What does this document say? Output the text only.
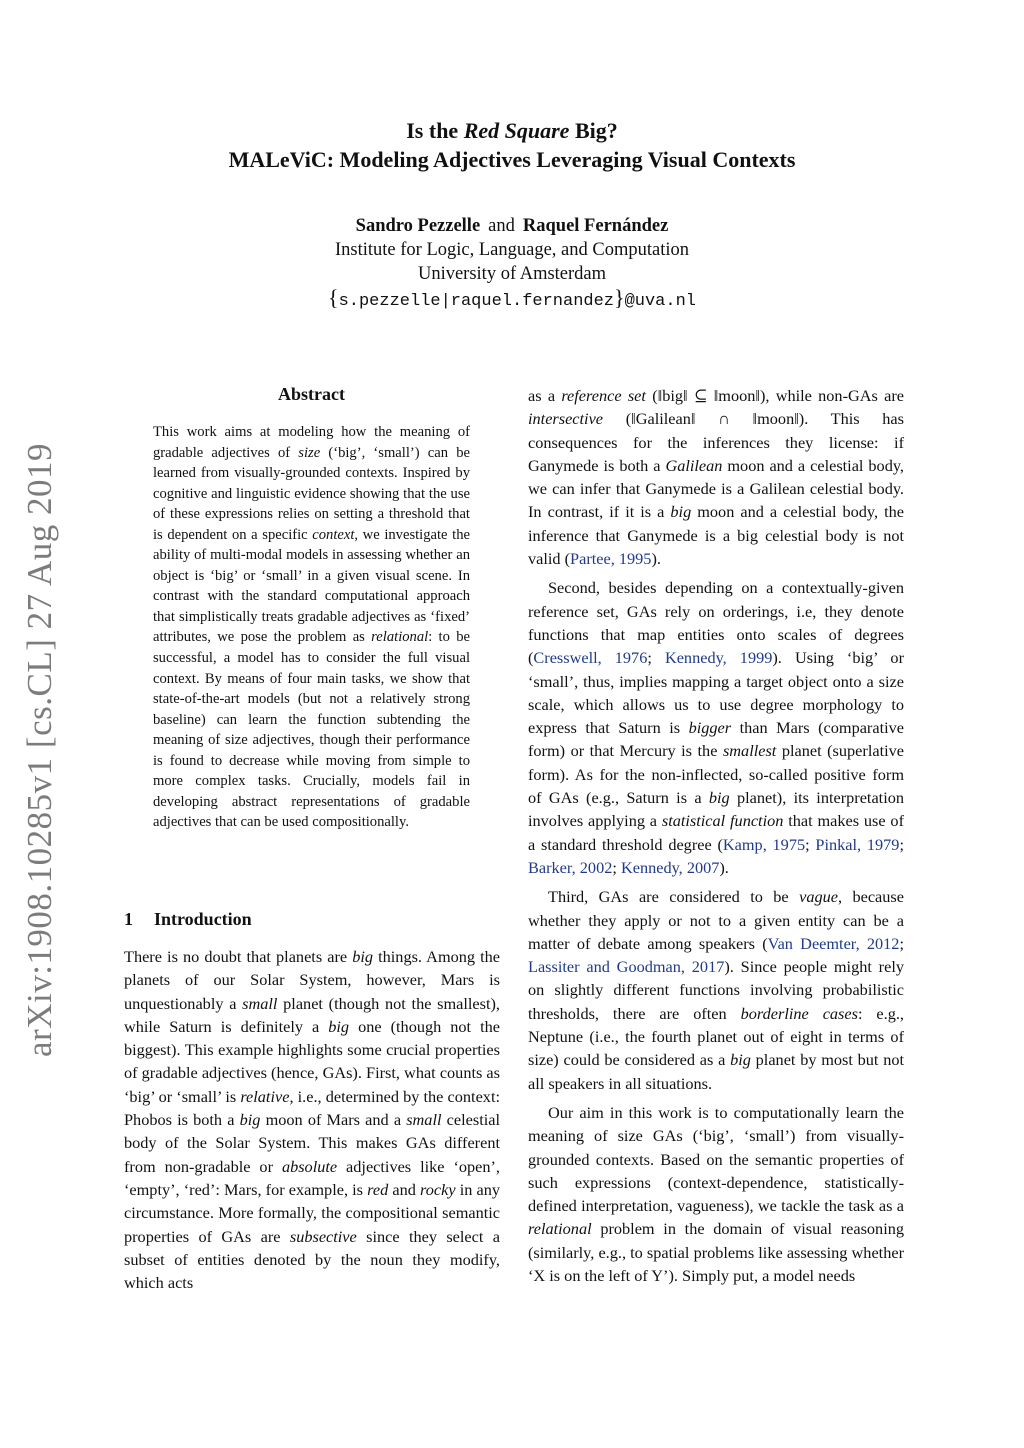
arXiv:1908.10285v1 [cs.CL] 27 Aug 2019
Is the Red Square Big?
MALeViC: Modeling Adjectives Leveraging Visual Contexts
Sandro Pezzelle and Raquel Fernández
Institute for Logic, Language, and Computation
University of Amsterdam
{s.pezzelle|raquel.fernandez}@uva.nl
Abstract
This work aims at modeling how the meaning of gradable adjectives of size (‘big’, ‘small’) can be learned from visually-grounded contexts. Inspired by cognitive and linguistic evidence showing that the use of these expressions relies on setting a threshold that is dependent on a specific context, we investigate the ability of multi-modal models in assessing whether an object is ‘big’ or ‘small’ in a given visual scene. In contrast with the standard computational approach that simplistically treats gradable adjectives as ‘fixed’ attributes, we pose the problem as relational: to be successful, a model has to consider the full visual context. By means of four main tasks, we show that state-of-the-art models (but not a relatively strong baseline) can learn the function subtending the meaning of size adjectives, though their performance is found to decrease while moving from simple to more complex tasks. Crucially, models fail in developing abstract representations of gradable adjectives that can be used compositionally.
1 Introduction

There is no doubt that planets are big things. Among the planets of our Solar System, however, Mars is unquestionably a small planet (though not the smallest), while Saturn is definitely a big one (though not the biggest). This example highlights some crucial properties of gradable adjectives (hence, GAs). First, what counts as ‘big’ or ‘small’ is relative, i.e., determined by the context: Phobos is both a big moon of Mars and a small celestial body of the Solar System. This makes GAs different from non-gradable or absolute adjectives like ‘open’, ‘empty’, ‘red’: Mars, for example, is red and rocky in any circumstance. More formally, the compositional semantic properties of GAs are subsective since they select a subset of entities denoted by the noun they modify, which acts

as a reference set (‖big‖ ⊆ ‖moon‖), while non-GAs are intersective (‖Galilean‖ ∩ ‖moon‖). This has consequences for the inferences they license: if Ganymede is both a Galilean moon and a celestial body, we can infer that Ganymede is a Galilean celestial body. In contrast, if it is a big moon and a celestial body, the inference that Ganymede is a big celestial body is not valid (Partee, 1995).

Second, besides depending on a contextually-given reference set, GAs rely on orderings, i.e, they denote functions that map entities onto scales of degrees (Cresswell, 1976; Kennedy, 1999). Using ‘big’ or ‘small’, thus, implies mapping a target object onto a size scale, which allows us to use degree morphology to express that Saturn is bigger than Mars (comparative form) or that Mercury is the smallest planet (superlative form). As for the non-inflected, so-called positive form of GAs (e.g., Saturn is a big planet), its interpretation involves applying a statistical function that makes use of a standard threshold degree (Kamp, 1975; Pinkal, 1979; Barker, 2002; Kennedy, 2007).

Third, GAs are considered to be vague, because whether they apply or not to a given entity can be a matter of debate among speakers (Van Deemter, 2012; Lassiter and Goodman, 2017). Since people might rely on slightly different functions involving probabilistic thresholds, there are often borderline cases: e.g., Neptune (i.e., the fourth planet out of eight in terms of size) could be considered as a big planet by most but not all speakers in all situations.

Our aim in this work is to computationally learn the meaning of size GAs (‘big’, ‘small’) from visually-grounded contexts. Based on the semantic properties of such expressions (context-dependence, statistically-defined interpretation, vagueness), we tackle the task as a relational problem in the domain of visual reasoning (similarly, e.g., to spatial problems like assessing whether ‘X is on the left of Y’). Simply put, a model needs
